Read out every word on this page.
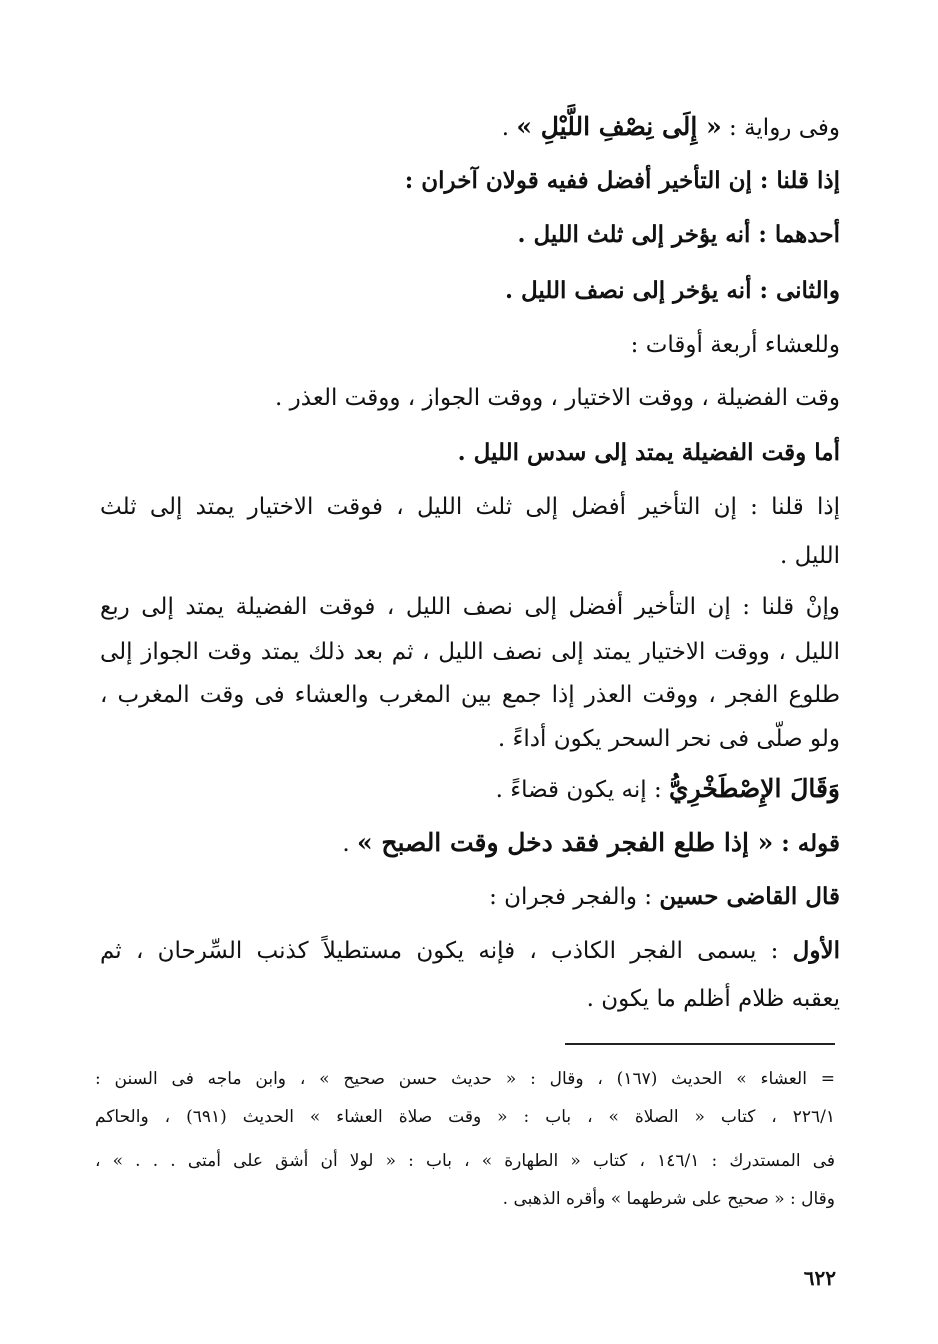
وفى رواية : « إِلَى نِصْفِ اللَّيْلِ » .
إذا قلنا : إن التأخير أفضل ففيه قولان آخران :
أحدهما : أنه يؤخر إلى ثلث الليل .
والثانى : أنه يؤخر إلى نصف الليل .
وللعشاء أربعة أوقات :
وقت الفضيلة ، ووقت الاختيار ، ووقت الجواز ، ووقت العذر .
أما وقت الفضيلة يمتد إلى سدس الليل .
إذا قلنا : إن التأخير أفضل إلى ثلث الليل ، فوقت الاختيار يمتد إلى ثلث
الليل .
وإنْ قلنا : إن التأخير أفضل إلى نصف الليل ، فوقت الفضيلة يمتد إلى ربع
الليل ، ووقت الاختيار يمتد إلى نصف الليل ، ثم بعد ذلك يمتد وقت الجواز إلى
طلوع الفجر ، ووقت العذر إذا جمع بين المغرب والعشاء فى وقت المغرب ،
ولو صلّى فى نحر السحر يكون أداءً .
وَقَالَ الإِصْطَخْرِيُّ : إنه يكون قضاءً .
قوله : « إذا طلع الفجر فقد دخل وقت الصبح » .
قال القاضى حسين : والفجر فجران :
الأول : يسمى الفجر الكاذب ، فإنه يكون مستطيلاً كذنب السِّرحان ، ثم
يعقبه ظلام أظلم ما يكون .
= العشاء » الحديث (١٦٧) ، وقال : « حديث حسن صحيح » ، وابن ماجه فى السنن :
٢٢٦/١ ، كتاب « الصلاة » ، باب : « وقت صلاة العشاء » الحديث (٦٩١) ، والحاكم
فى المستدرك : ١٤٦/١ ، كتاب « الطهارة » ، باب : « لولا أن أشق على أمتى . . . » ،
وقال : « صحيح على شرطهما » وأقره الذهبى .
٦٢٢
